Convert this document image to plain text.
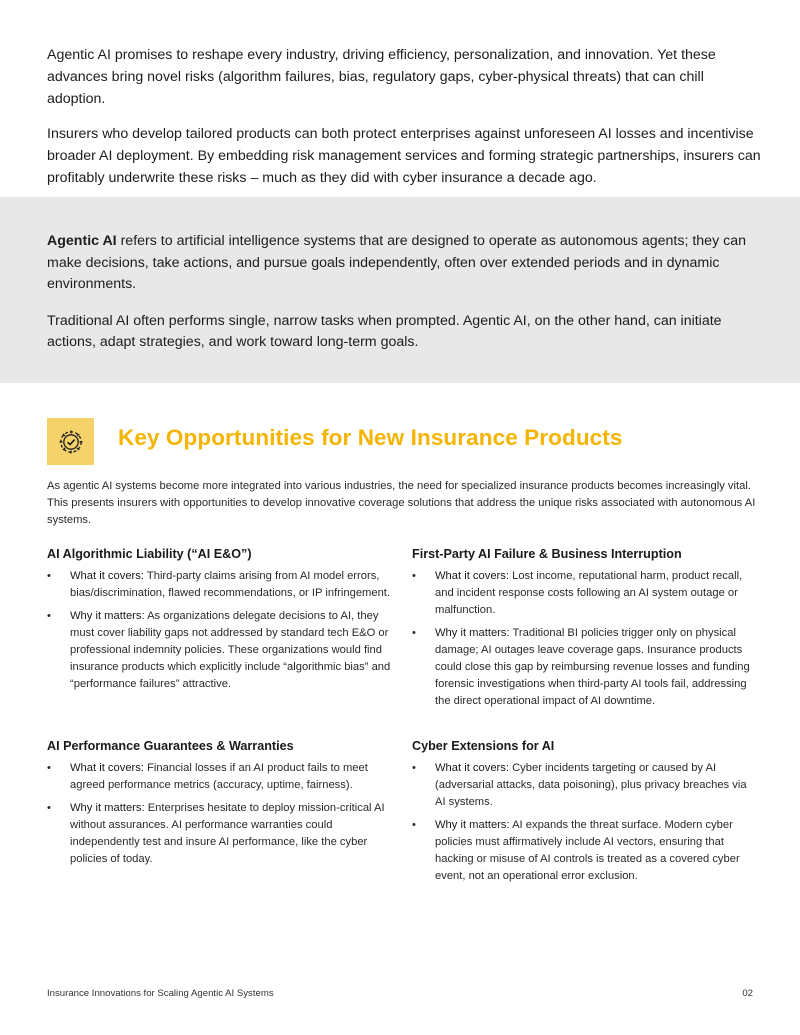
Agentic AI promises to reshape every industry, driving efficiency, personalization, and innovation. Yet these advances bring novel risks (algorithm failures, bias, regulatory gaps, cyber-physical threats) that can chill adoption.

Insurers who develop tailored products can both protect enterprises against unforeseen AI losses and incentivise broader AI deployment. By embedding risk management services and forming strategic partnerships, insurers can profitably underwrite these risks – much as they did with cyber insurance a decade ago.

Agentic AI refers to artificial intelligence systems that are designed to operate as autonomous agents; they can make decisions, take actions, and pursue goals independently, often over extended periods and in dynamic environments.

Traditional AI often performs single, narrow tasks when prompted. Agentic AI, on the other hand, can initiate actions, adapt strategies, and work toward long-term goals.

Key Opportunities for New Insurance Products

As agentic AI systems become more integrated into various industries, the need for specialized insurance products becomes increasingly vital. This presents insurers with opportunities to develop innovative coverage solutions that address the unique risks associated with autonomous AI systems.

AI Algorithmic Liability (“AI E&O”)
• What it covers: Third-party claims arising from AI model errors, bias/discrimination, flawed recommendations, or IP infringement.
• Why it matters: As organizations delegate decisions to AI, they must cover liability gaps not addressed by standard tech E&O or professional indemnity policies. These organizations would find insurance products which explicitly include “algorithmic bias” and “performance failures” attractive.
First-Party AI Failure & Business Interruption
• What it covers: Lost income, reputational harm, product recall, and incident response costs following an AI system outage or malfunction.
• Why it matters: Traditional BI policies trigger only on physical damage; AI outages leave coverage gaps. Insurance products could close this gap by reimbursing revenue losses and funding forensic investigations when third-party AI tools fail, addressing the direct operational impact of AI downtime.
AI Performance Guarantees & Warranties
• What it covers: Financial losses if an AI product fails to meet agreed performance metrics (accuracy, uptime, fairness).
• Why it matters: Enterprises hesitate to deploy mission-critical AI without assurances. AI performance warranties could independently test and insure AI performance, like the cyber policies of today.
Cyber Extensions for AI
• What it covers: Cyber incidents targeting or caused by AI (adversarial attacks, data poisoning), plus privacy breaches via AI systems.
• Why it matters: AI expands the threat surface. Modern cyber policies must affirmatively include AI vectors, ensuring that hacking or misuse of AI controls is treated as a covered cyber event, not an operational error exclusion.
Insurance Innovations for Scaling Agentic AI Systems	02
